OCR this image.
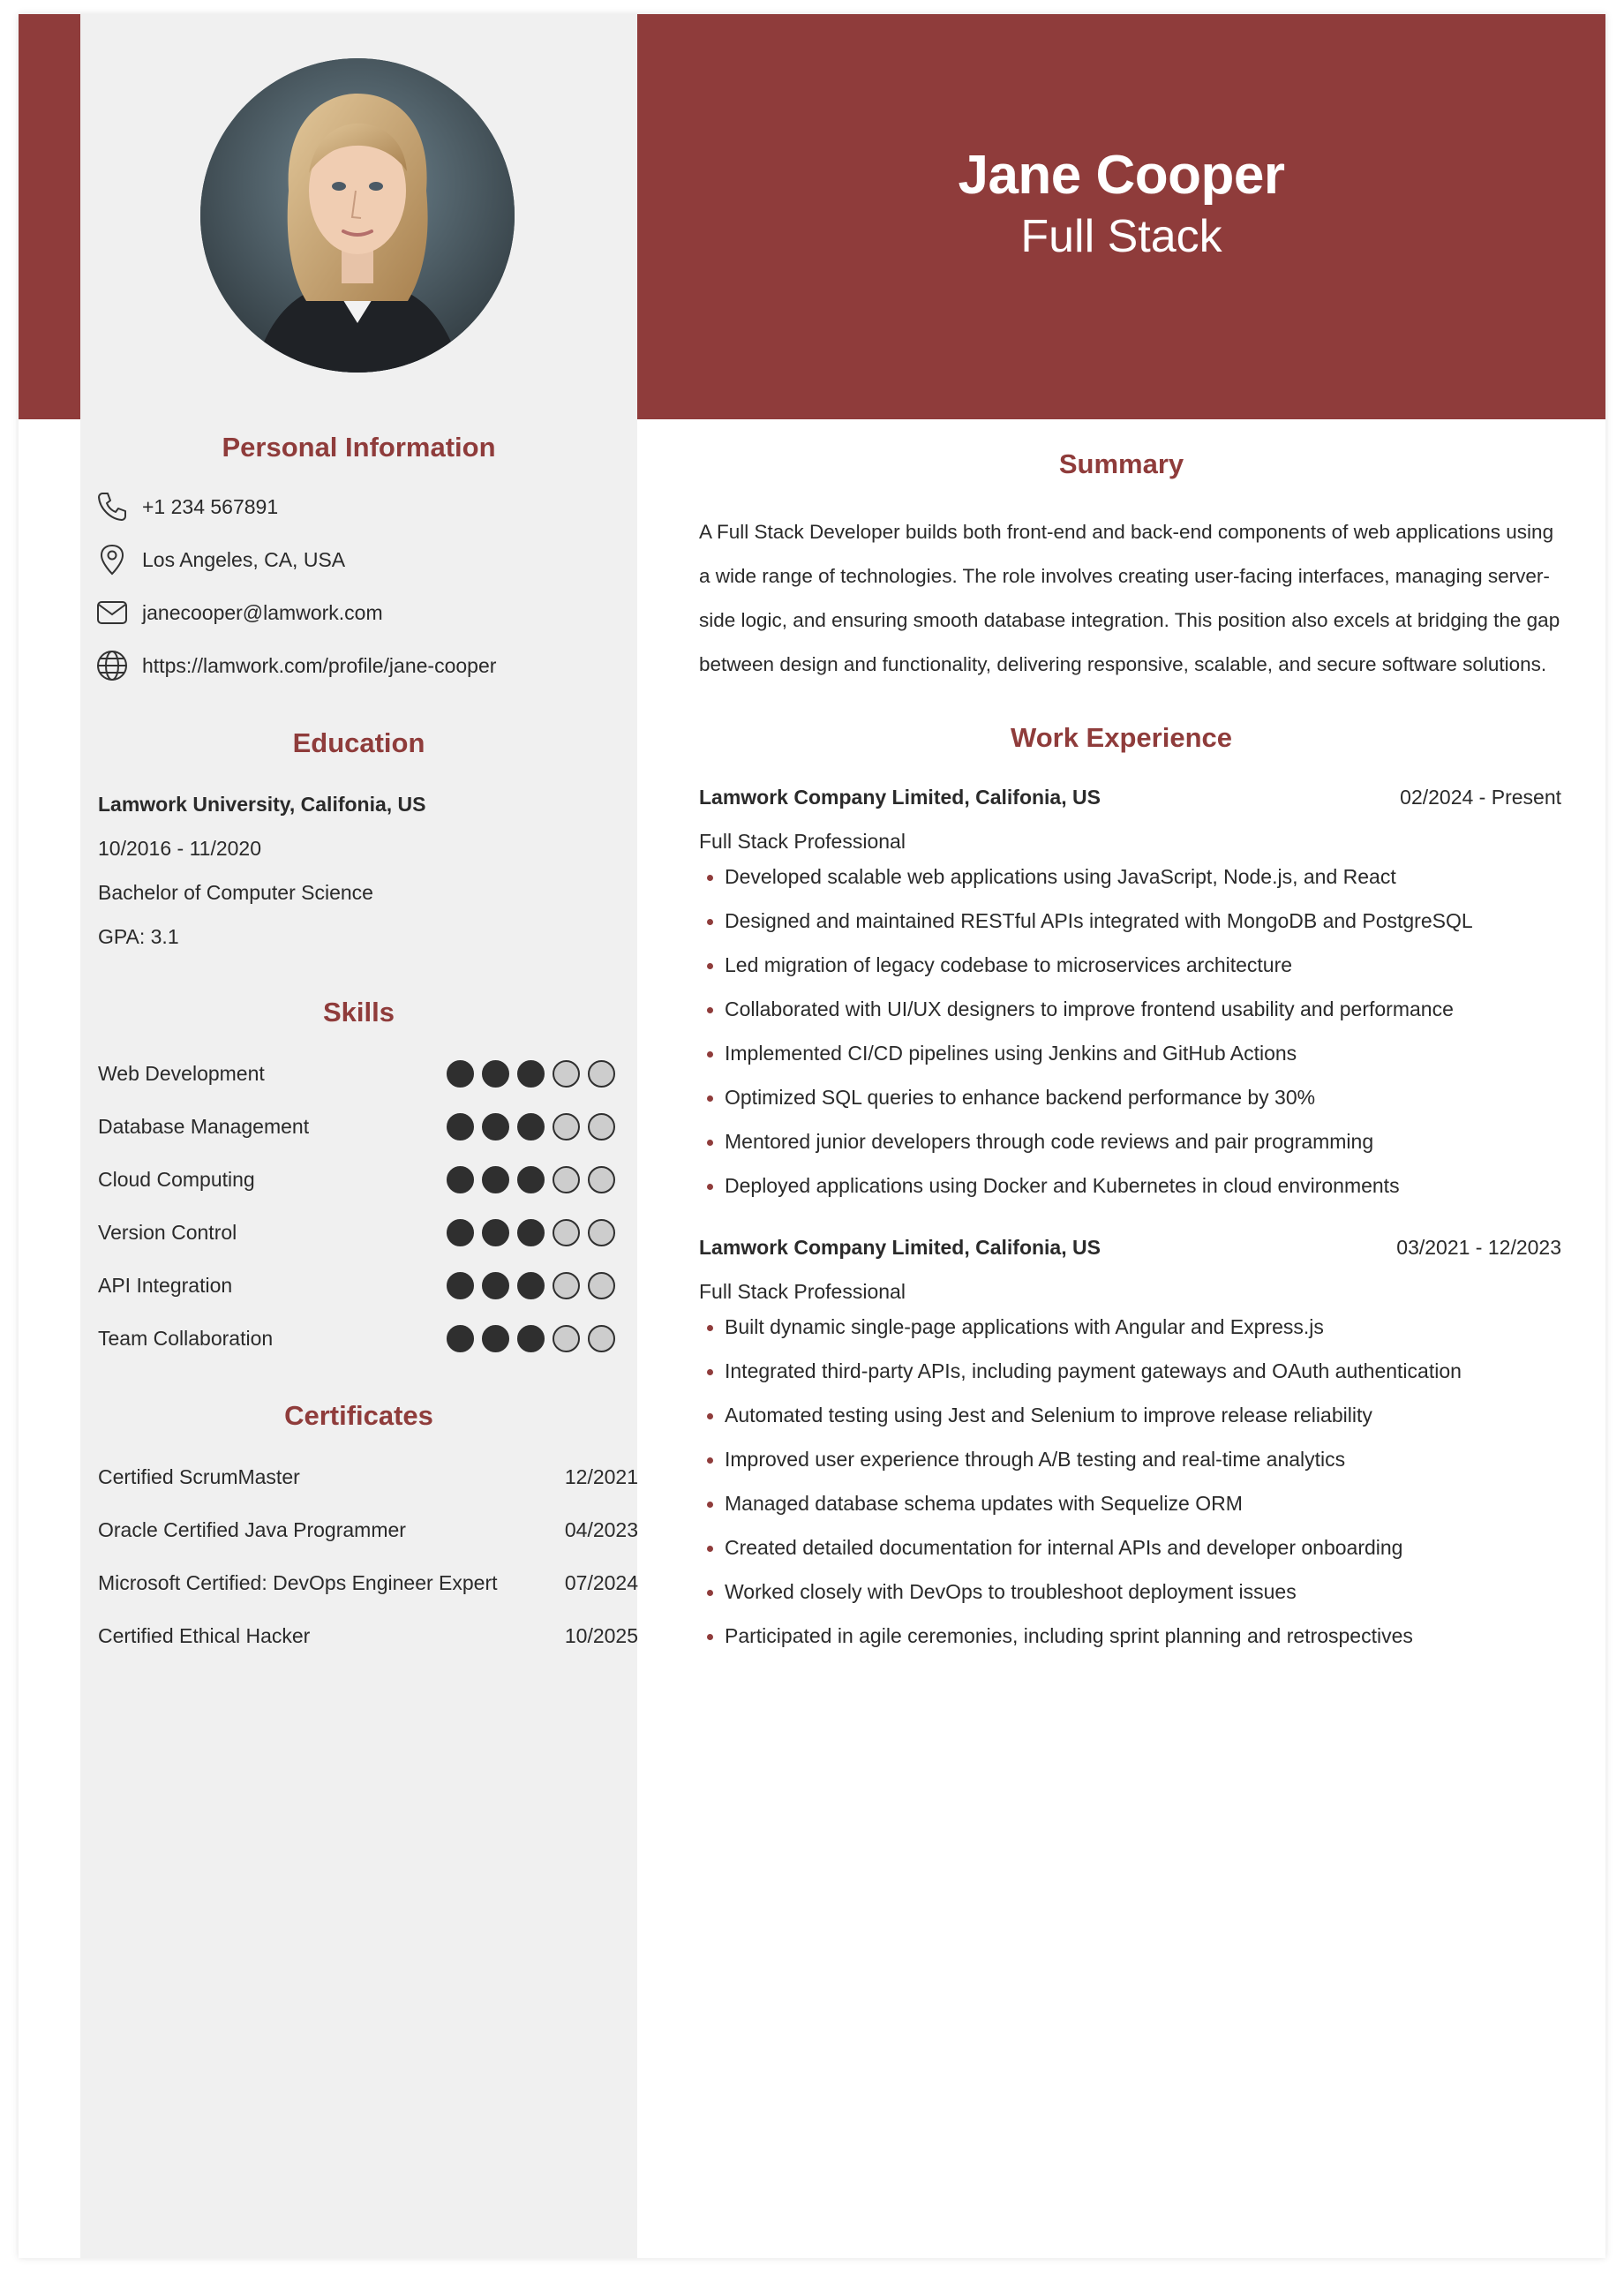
Jane Cooper
Full Stack
Personal Information
+1 234 567891
Los Angeles, CA, USA
janecooper@lamwork.com
https://lamwork.com/profile/jane-cooper
Education
Lamwork University, Califonia, US
10/2016 - 11/2020
Bachelor of Computer Science
GPA: 3.1
Skills
Web Development
Database Management
Cloud Computing
Version Control
API Integration
Team Collaboration
Certificates
Certified ScrumMaster	12/2021
Oracle Certified Java Programmer	04/2023
Microsoft Certified: DevOps Engineer Expert	07/2024
Certified Ethical Hacker	10/2025
Summary

A Full Stack Developer builds both front-end and back-end components of web applications using a wide range of technologies. The role involves creating user-facing interfaces, managing server-side logic, and ensuring smooth database integration. This position also excels at bridging the gap between design and functionality, delivering responsive, scalable, and secure software solutions.

Work Experience
Lamwork Company Limited, Califonia, US	02/2024 - Present
Full Stack Professional
Developed scalable web applications using JavaScript, Node.js, and React
Designed and maintained RESTful APIs integrated with MongoDB and PostgreSQL
Led migration of legacy codebase to microservices architecture
Collaborated with UI/UX designers to improve frontend usability and performance
Implemented CI/CD pipelines using Jenkins and GitHub Actions
Optimized SQL queries to enhance backend performance by 30%
Mentored junior developers through code reviews and pair programming
Deployed applications using Docker and Kubernetes in cloud environments
Lamwork Company Limited, Califonia, US	03/2021 - 12/2023
Full Stack Professional
Built dynamic single-page applications with Angular and Express.js
Integrated third-party APIs, including payment gateways and OAuth authentication
Automated testing using Jest and Selenium to improve release reliability
Improved user experience through A/B testing and real-time analytics
Managed database schema updates with Sequelize ORM
Created detailed documentation for internal APIs and developer onboarding
Worked closely with DevOps to troubleshoot deployment issues
Participated in agile ceremonies, including sprint planning and retrospectives
